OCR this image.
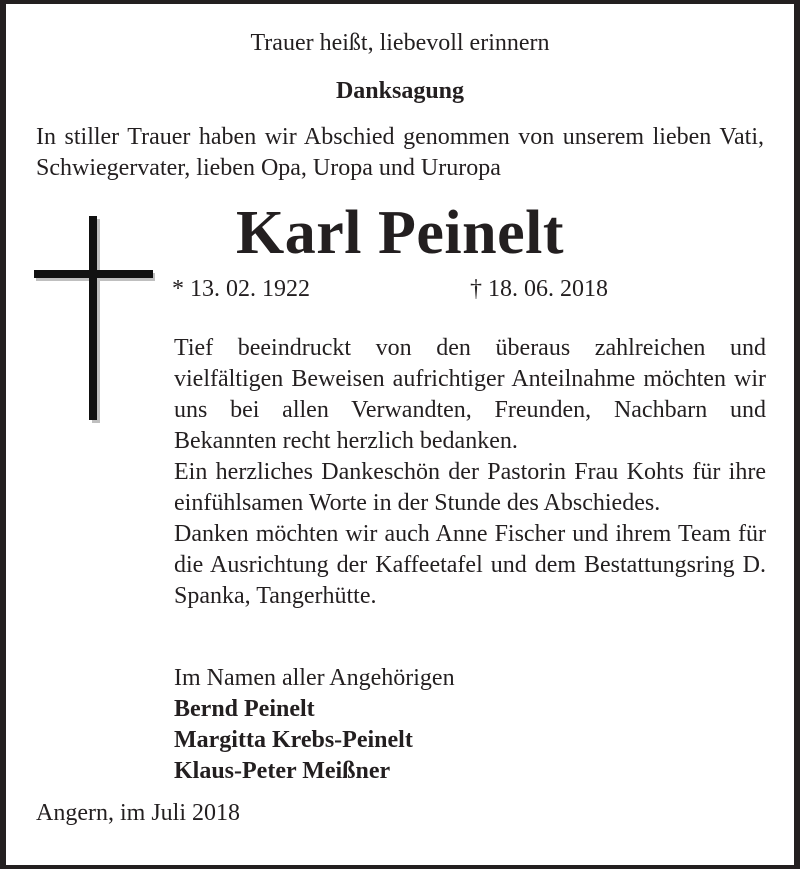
Trauer heißt, liebevoll erinnern
Danksagung
In stiller Trauer haben wir Abschied genommen von unserem lieben Vati, Schwiegervater, lieben Opa, Uropa und Ururopa
Karl Peinelt
* 13. 02. 1922	† 18. 06. 2018

Tief beeindruckt von den überaus zahlreichen und vielfältigen Beweisen aufrichtiger Anteilnahme möchten wir uns bei allen Verwandten, Freunden, Nachbarn und Bekannten recht herzlich bedanken.

Ein herzliches Dankeschön der Pastorin Frau Kohts für ihre einfühlsamen Worte in der Stunde des Abschiedes.

Danken möchten wir auch Anne Fischer und ihrem Team für die Ausrichtung der Kaffeetafel und dem Bestattungsring D. Spanka, Tangerhütte.

Im Namen aller Angehörigen
Bernd Peinelt
Margitta Krebs-Peinelt
Klaus-Peter Meißner
Angern, im Juli 2018
